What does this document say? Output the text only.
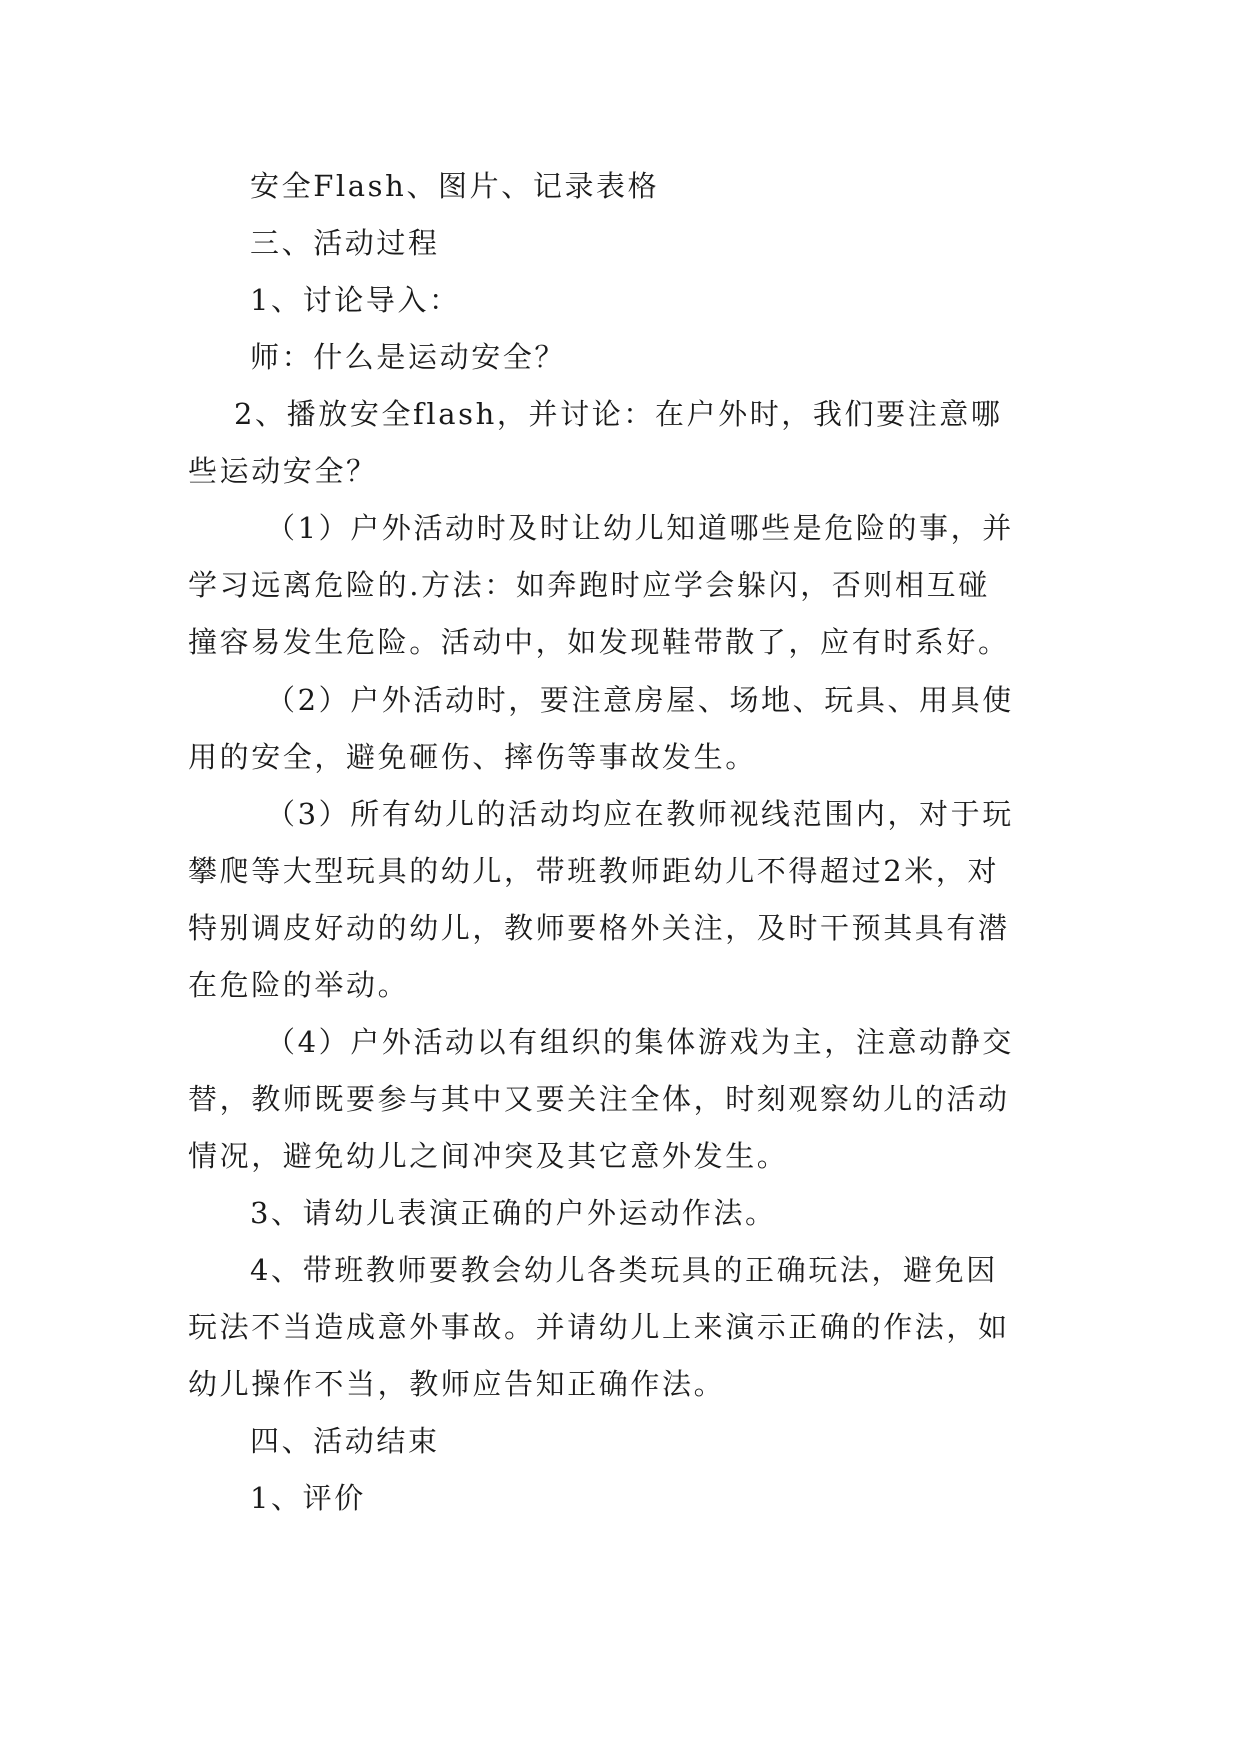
安全Flash、图片、记录表格
三、活动过程
1、讨论导入：
师：什么是运动安全？
2、播放安全flash，并讨论：在户外时，我们要注意哪
些运动安全？
（1）户外活动时及时让幼儿知道哪些是危险的事，并
学习远离危险的.方法：如奔跑时应学会躲闪，否则相互碰
撞容易发生危险。活动中，如发现鞋带散了，应有时系好。
（2）户外活动时，要注意房屋、场地、玩具、用具使
用的安全，避免砸伤、摔伤等事故发生。
（3）所有幼儿的活动均应在教师视线范围内，对于玩
攀爬等大型玩具的幼儿，带班教师距幼儿不得超过2米，对
特别调皮好动的幼儿，教师要格外关注，及时干预其具有潜
在危险的举动。
（4）户外活动以有组织的集体游戏为主，注意动静交
替，教师既要参与其中又要关注全体，时刻观察幼儿的活动
情况，避免幼儿之间冲突及其它意外发生。
3、请幼儿表演正确的户外运动作法。
4、带班教师要教会幼儿各类玩具的正确玩法，避免因
玩法不当造成意外事故。并请幼儿上来演示正确的作法，如
幼儿操作不当，教师应告知正确作法。
四、活动结束
1、评价
